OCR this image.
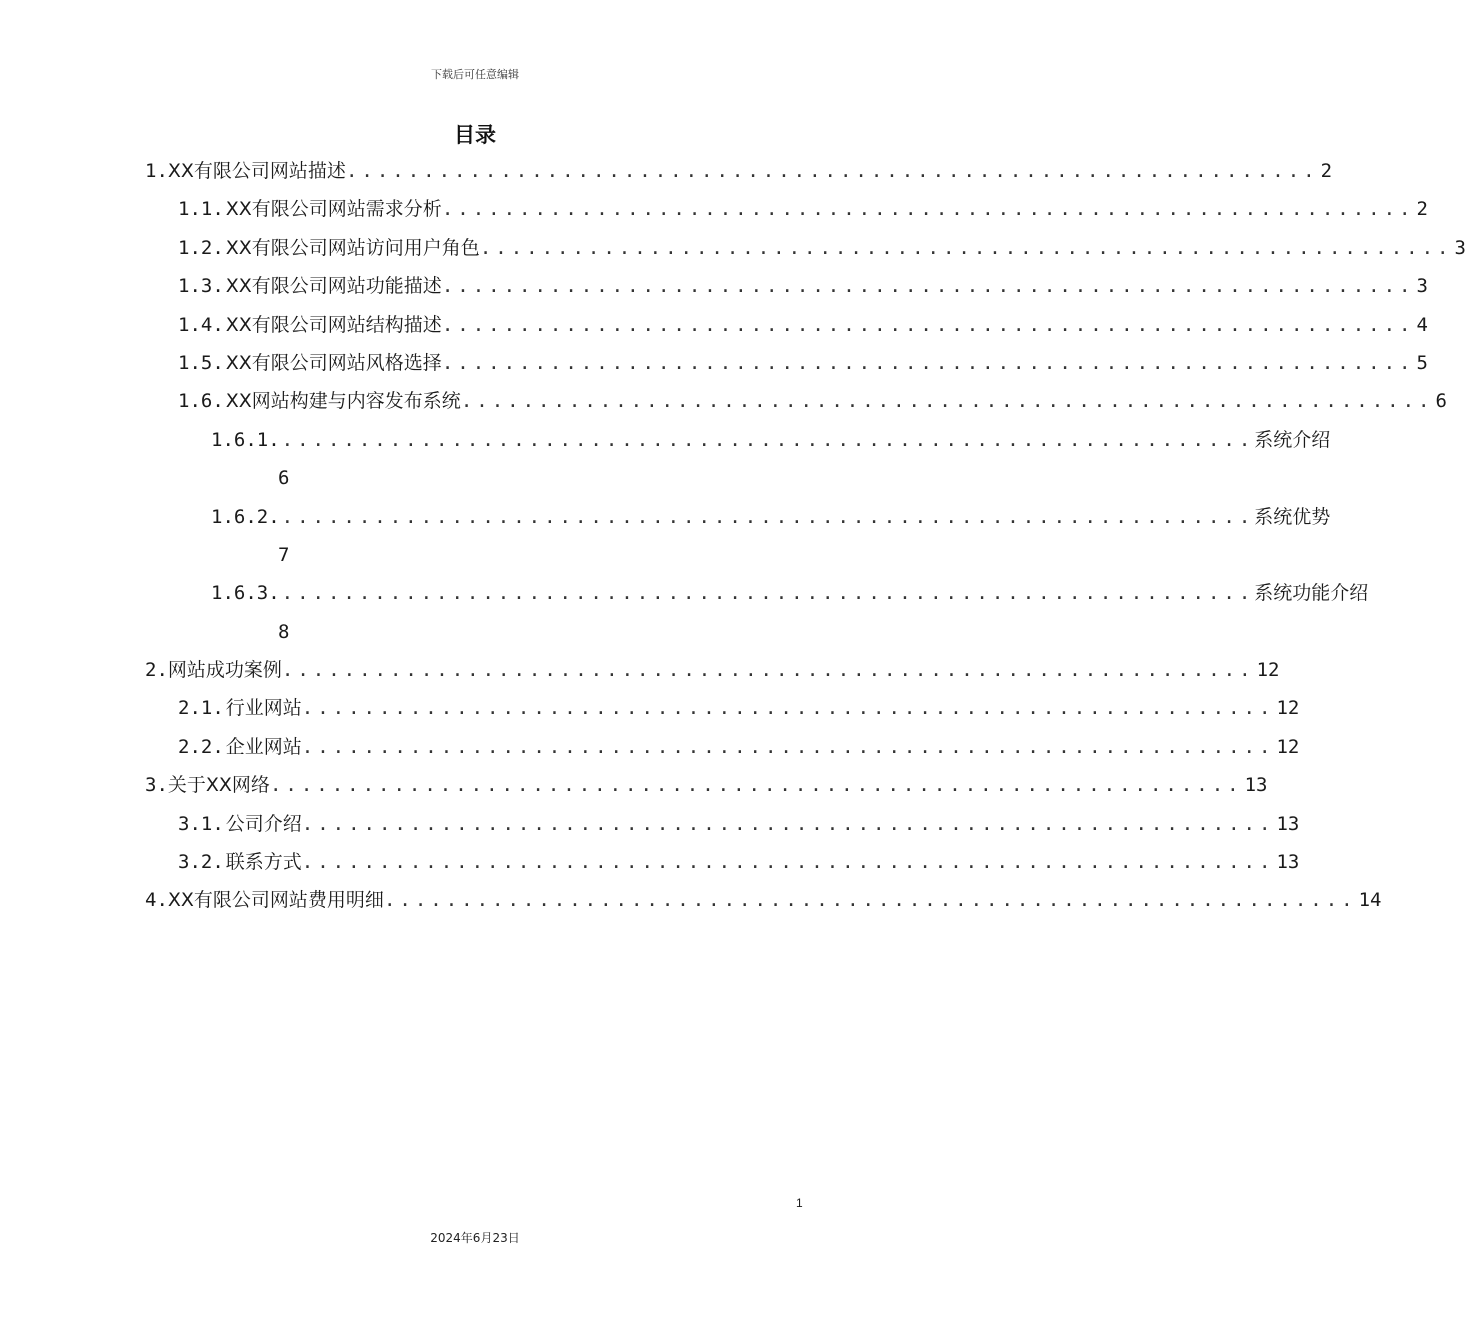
下载后可任意编辑
目录
1. XX有限公司网站描述 ............................................................... 2
1.1. XX有限公司网站需求分析 ............................................................... 2
1.2. XX有限公司网站访问用户角色 ............................................................... 3
1.3. XX有限公司网站功能描述 ............................................................... 3
1.4. XX有限公司网站结构描述 ............................................................... 4
1.5. XX有限公司网站风格选择 ............................................................... 5
1.6. XX网站构建与内容发布系统 ............................................................... 6
1.6.1. ............................................................... 系统介绍
6
1.6.2. ............................................................... 系统优势
7
1.6.3. ............................................................... 系统功能介绍
8
2. 网站成功案例 ............................................................... 12
2.1. 行业网站 ............................................................... 12
2.2. 企业网站 ............................................................... 12
3. 关于XX网络 ............................................................... 13
3.1. 公司介绍 ............................................................... 13
3.2. 联系方式 ............................................................... 13
4. XX有限公司网站费用明细 ............................................................... 14
1
2024年6月23日
